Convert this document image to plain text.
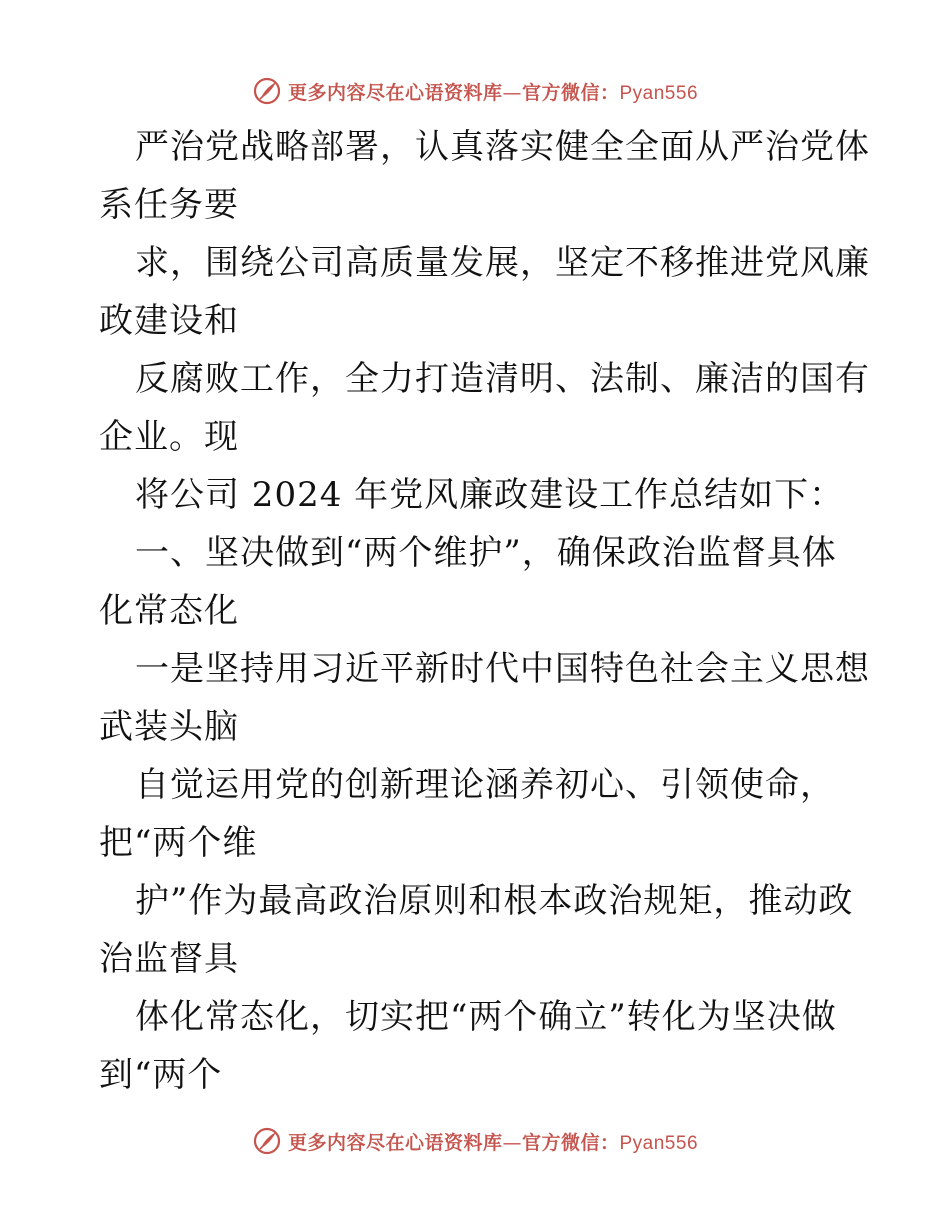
更多内容尽在心语资料库—官方微信：Pyan556
严治党战略部署，认真落实健全全面从严治党体
系任务要
求，围绕公司高质量发展，坚定不移推进党风廉
政建设和
反腐败工作，全力打造清明、法制、廉洁的国有
企业。现
将公司 2024 年党风廉政建设工作总结如下：
一、坚决做到“两个维护”，确保政治监督具体
化常态化
一是坚持用习近平新时代中国特色社会主义思想
武装头脑
自觉运用党的创新理论涵养初心、引领使命，
把“两个维
护”作为最高政治原则和根本政治规矩，推动政
治监督具
体化常态化，切实把“两个确立”转化为坚决做
到“两个
更多内容尽在心语资料库—官方微信：Pyan556
